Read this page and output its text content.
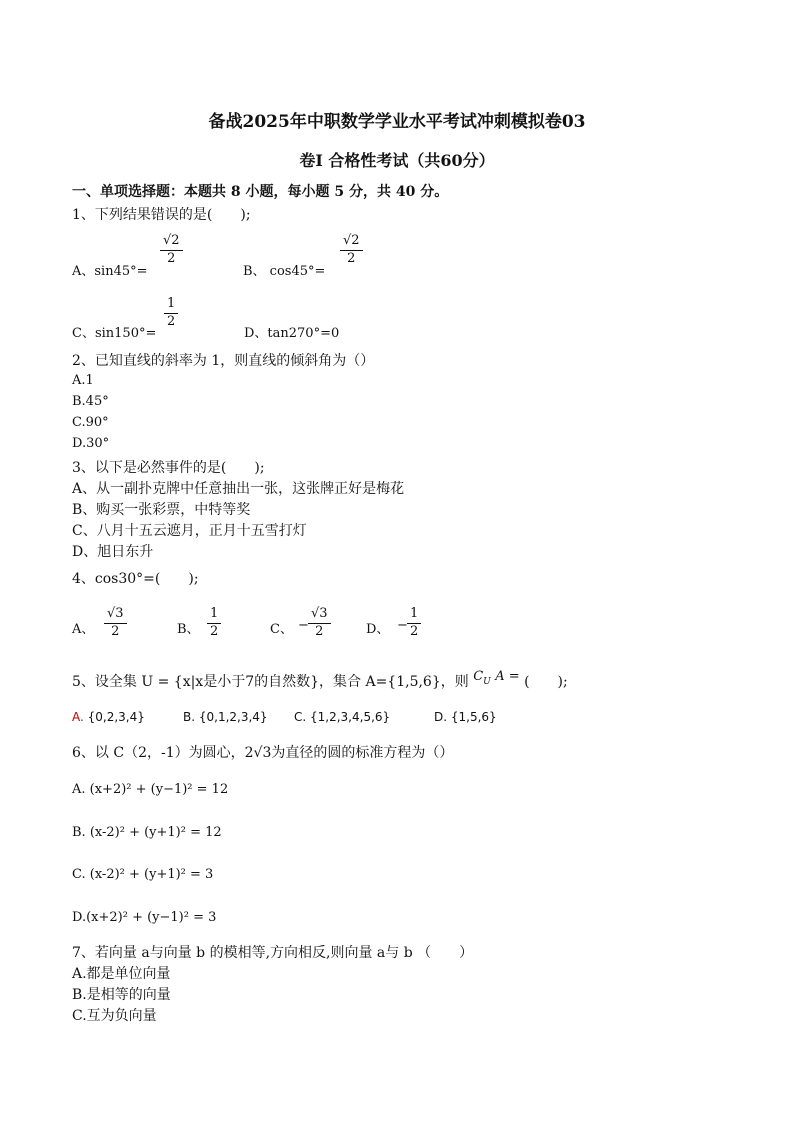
备战2025年中职数学学业水平考试冲刺模拟卷03
卷Ⅰ 合格性考试（共60分）
一、单项选择题：本题共 8 小题，每小题 5 分，共 40 分。
1、下列结果错误的是(　　);
A、sin45°=
$\frac{√2}{2}$
B、 cos45°=
$\frac{√2}{2}$
C、sin150°=
$\frac{1}{2}$
D、tan270°=0
2、已知直线的斜率为 1，则直线的倾斜角为（）
A.1
B.45°
C.90°
D.30°
3、以下是必然事件的是(　　);
A、从一副扑克牌中任意抽出一张，这张牌正好是梅花
B、购买一张彩票，中特等奖
C、八月十五云遮月，正月十五雪打灯
D、旭日东升
4、cos30°=(　　);
A、 $\frac{√3}{2}$	B、 $\frac{1}{2}$	C、 − $\frac{√3}{2}$	D、 − $\frac{1}{2}$
5、设全集 U = {x|x是小于7的自然数}，集合 A={1,5,6}，则 $C_U$ A = (　　);
A. {0,2,3,4}	B. {0,1,2,3,4} C. {1,2,3,4,5,6}	D. {1,5,6}
6、以 C（2，-1）为圆心，2√3为直径的圆的标准方程为（）
A. (x+2)² + (y−1)² = 12
B. (x-2)² + (y+1)² = 12
C. (x-2)² + (y+1)² = 3
D.(x+2)² + (y−1)² = 3
7、若向量 a与向量 b 的模相等,方向相反,则向量 a与 b （　　）
A.都是单位向量
B.是相等的向量
C.互为负向量
